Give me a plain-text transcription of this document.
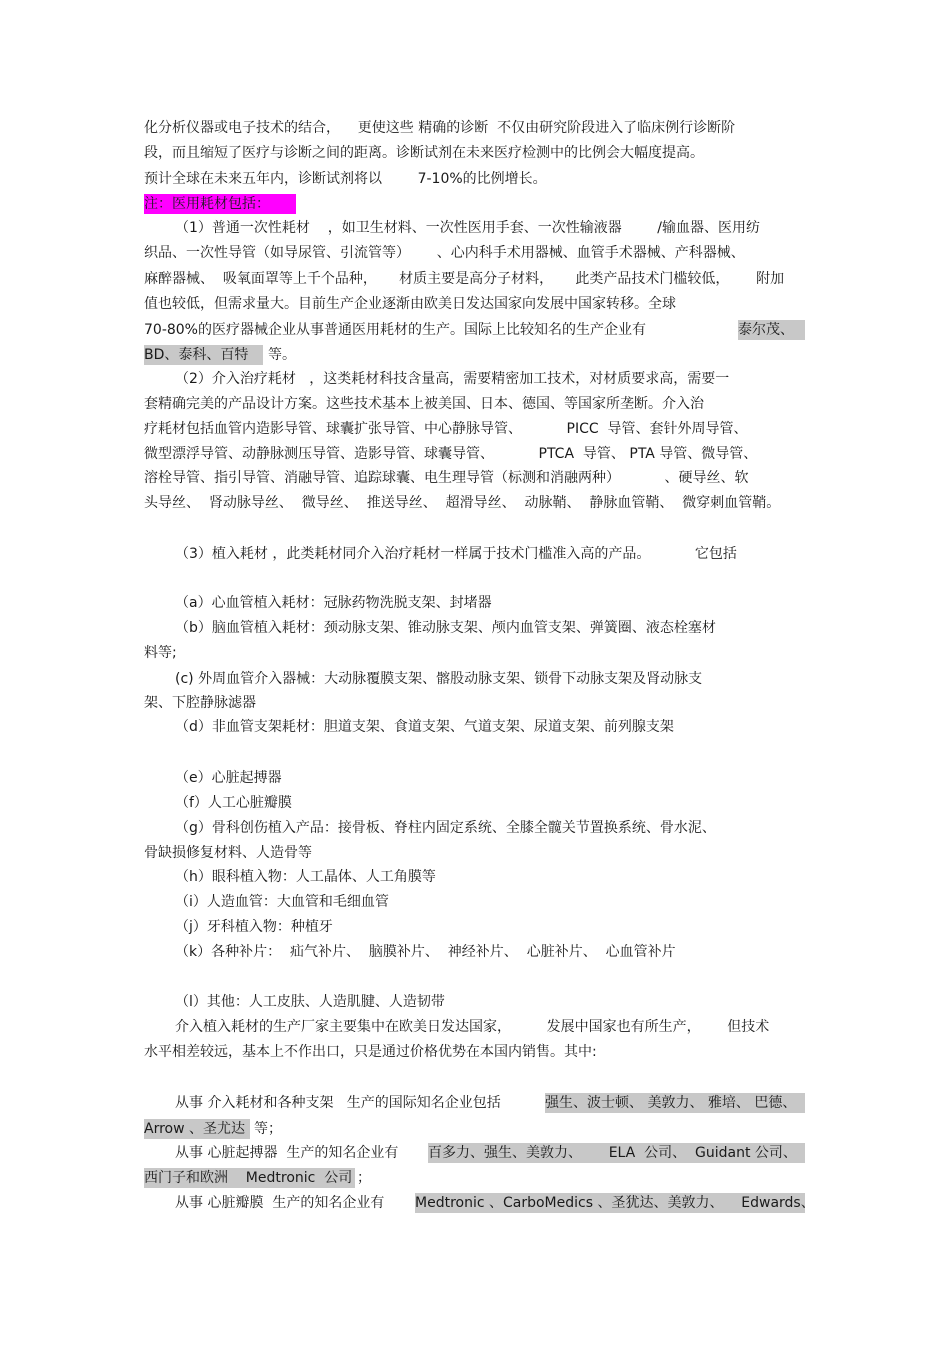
化分析仪器或电子技术的结合，    更使这些 精确的诊断  不仅由研究阶段进入了临床例行诊断阶
段，而且缩短了医疗与诊断之间的距离。诊断试剂在未来医疗检测中的比例会大幅度提高。
预计全球在未来五年内，诊断试剂将以        7-10%的比例增长。
注：医用耗材包括：
（1）普通一次性耗材    ，如卫生材料、一次性医用手套、一次性输液器        /输血器、医用纺
织品、一次性导管（如导尿管、引流管等）      、心内科手术用器械、血管手术器械、产科器械、
麻醉器械、  吸氧面罩等上千个品种，     材质主要是高分子材料，     此类产品技术门槛较低，      附加
值也较低，但需求量大。目前生产企业逐渐由欧美日发达国家向发展中国家转移。全球
70-80%的医疗器械企业从事普通医用耗材的生产。国际上比较知名的生产企业有	泰尔茂、
BD、泰科、百特	等。
（2）介入治疗耗材   ，这类耗材科技含量高，需要精密加工技术，对材质要求高，需要一
套精确完美的产品设计方案。这些技术基本上被美国、日本、德国、等国家所垄断。介入治
疗耗材包括血管内造影导管、球囊扩张导管、中心静脉导管、          PICC  导管、套针外周导管、
微型漂浮导管、动静脉测压导管、造影导管、球囊导管、          PTCA  导管、 PTA 导管、微导管、
溶栓导管、指引导管、消融导管、追踪球囊、电生理导管（标测和消融两种）          、硬导丝、软
头导丝、  肾动脉导丝、  微导丝、  推送导丝、  超滑导丝、  动脉鞘、  静脉血管鞘、  微穿刺血管鞘。
（3）植入耗材 ，此类耗材同介入治疗耗材一样属于技术门槛准入高的产品。          它包括
（a）心血管植入耗材：冠脉药物洗脱支架、封堵器
（b）脑血管植入耗材：颈动脉支架、锥动脉支架、颅内血管支架、弹簧圈、液态栓塞材
料等;
(c) 外周血管介入器械：大动脉覆膜支架、髂股动脉支架、锁骨下动脉支架及肾动脉支
架、下腔静脉滤器
（d）非血管支架耗材：胆道支架、食道支架、气道支架、尿道支架、前列腺支架
（e）心脏起搏器
（f）人工心脏瓣膜
（g）骨科创伤植入产品：接骨板、脊柱内固定系统、全膝全髋关节置换系统、骨水泥、
骨缺损修复材料、人造骨等
（h）眼科植入物：人工晶体、人工角膜等
（i）人造血管：大血管和毛细血管
（j）牙科植入物：种植牙
（k）各种补片：  疝气补片、  脑膜补片、  神经补片、  心脏补片、  心血管补片
（l）其他：人工皮肤、人造肌腱、人造韧带
介入植入耗材的生产厂家主要集中在欧美日发达国家，        发展中国家也有所生产，      但技术
水平相差较远，基本上不作出口，只是通过价格优势在本国内销售。其中:
从事 介入耗材和各种支架   生产的国际知名企业包括	强生、波士顿、 美敦力、 雅培、 巴德、
Arrow 、圣尤达 等；
从事 心脏起搏器  生产的知名企业有 百多力、强生、美敦力、      ELA  公司、  Guidant 公司、
西门子和欧洲    Medtronic  公司 ；
从事 心脏瓣膜  生产的知名企业有 Medtronic 、CarboMedics 、圣犹达、美敦力、    Edwards、
